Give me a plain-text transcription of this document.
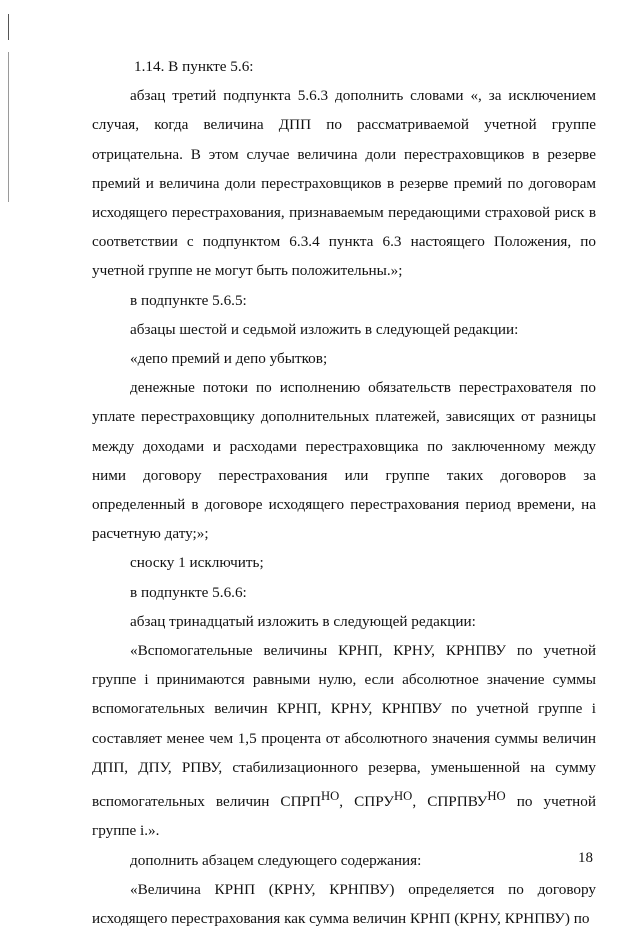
1.14. В пункте 5.6:

абзац третий подпункта 5.6.3 дополнить словами «, за исключением случая, когда величина ДПП по рассматриваемой учетной группе отрицательна. В этом случае величина доли перестраховщиков в резерве премий и величина доли перестраховщиков в резерве премий по договорам исходящего перестрахования, признаваемым передающими страховой риск в соответствии с подпунктом 6.3.4 пункта 6.3 настоящего Положения, по учетной группе не могут быть положительны.»;

в подпункте 5.6.5:

абзацы шестой и седьмой изложить в следующей редакции:

«депо премий и депо убытков;

денежные потоки по исполнению обязательств перестрахователя по уплате перестраховщику дополнительных платежей, зависящих от разницы между доходами и расходами перестраховщика по заключенному между ними договору перестрахования или группе таких договоров за определенный в договоре исходящего перестрахования период времени, на расчетную дату;»;

сноску 1 исключить;

в подпункте 5.6.6:

абзац тринадцатый изложить в следующей редакции:

«Вспомогательные величины КРНП, КРНУ, КРНПВУ по учетной группе i принимаются равными нулю, если абсолютное значение суммы вспомогательных величин КРНП, КРНУ, КРНПВУ по учетной группе i составляет менее чем 1,5 процента от абсолютного значения суммы величин ДПП, ДПУ, РПВУ, стабилизационного резерва, уменьшенной на сумму вспомогательных величин $СПРП^{НО}$, $СПРУ^{НО}$, $СПРПВУ^{НО}$ по учетной группе i.».

дополнить абзацем следующего содержания:

«Величина КРНП (КРНУ, КРНПВУ) определяется по договору исходящего перестрахования как сумма величин КРНП (КРНУ, КРНПВУ) по

18
